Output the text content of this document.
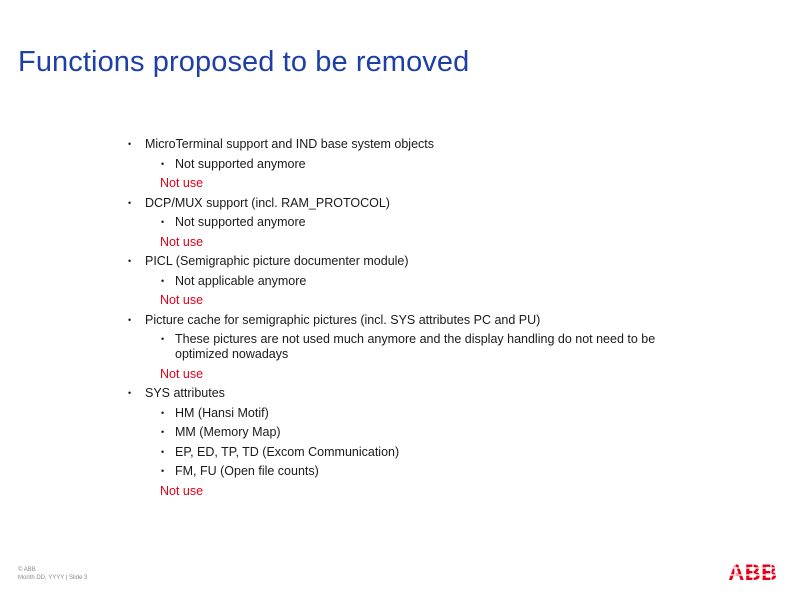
Functions proposed to be removed
• MicroTerminal support and IND base system objects
• Not supported anymore
Not use
• DCP/MUX support (incl. RAM_PROTOCOL)
• Not supported anymore
Not use
• PICL (Semigraphic picture documenter module)
• Not applicable anymore
Not use
• Picture cache for semigraphic pictures (incl. SYS attributes PC and PU)
• These pictures are not used much anymore and the display handling do not need to be optimized nowadays
Not use
• SYS attributes
• HM (Hansi Motif)
• MM (Memory Map)
• EP, ED, TP, TD (Excom Communication)
• FM, FU (Open file counts)
Not use
© ABB
Month DD, YYYY | Slide 3	ABB
